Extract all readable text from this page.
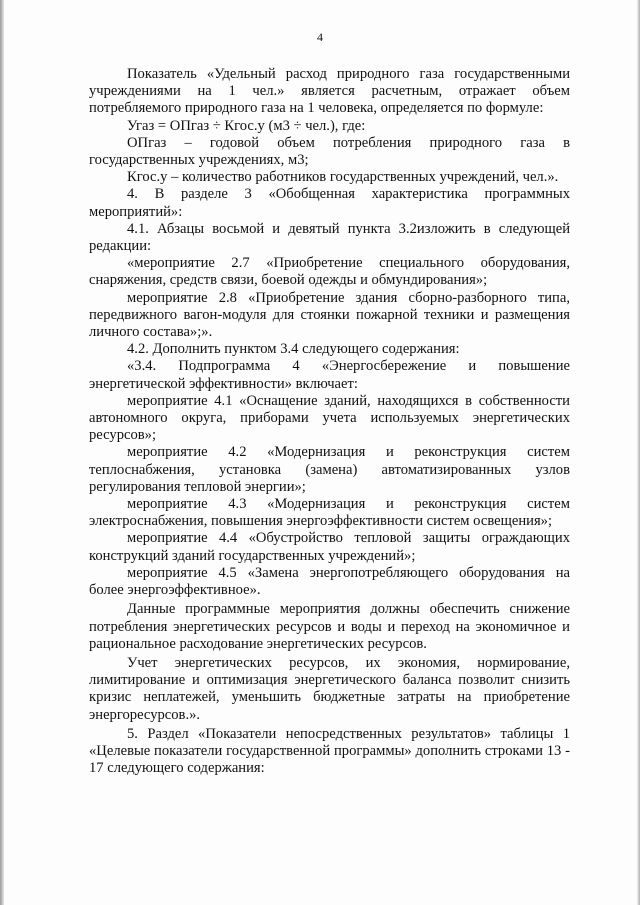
4

Показатель «Удельный расход природного газа государственными учреждениями на 1 чел.» является расчетным, отражает объем потребляемого природного газа на 1 человека, определяется по формуле:

Угаз = ОПгаз ÷ Кгос.у (м3 ÷ чел.), где:

ОПгаз – годовой объем потребления природного газа в государственных учреждениях, м3;

Кгос.у – количество работников государственных учреждений, чел.».

4. В разделе 3 «Обобщенная характеристика программных мероприятий»:

4.1. Абзацы восьмой и девятый пункта 3.2изложить в следующей редакции:

«мероприятие 2.7 «Приобретение специального оборудования, снаряжения, средств связи, боевой одежды и обмундирования»;

мероприятие 2.8 «Приобретение здания сборно-разборного типа, передвижного вагон-модуля для стоянки пожарной техники и размещения личного состава»;».

4.2. Дополнить пунктом 3.4 следующего содержания:

«3.4. Подпрограмма 4 «Энергосбережение и повышение энергетической эффективности» включает:

мероприятие 4.1 «Оснащение зданий, находящихся в собственности автономного округа, приборами учета используемых энергетических ресурсов»;

мероприятие 4.2 «Модернизация и реконструкция систем теплоснабжения, установка (замена) автоматизированных узлов регулирования тепловой энергии»;

мероприятие 4.3 «Модернизация и реконструкция систем электроснабжения, повышения энергоэффективности систем освещения»;

мероприятие 4.4 «Обустройство тепловой защиты ограждающих конструкций зданий государственных учреждений»;

мероприятие 4.5 «Замена энергопотребляющего оборудования на более энергоэффективное».

Данные программные мероприятия должны обеспечить снижение потребления энергетических ресурсов и воды и переход на экономичное и рациональное расходование энергетических ресурсов.

Учет энергетических ресурсов, их экономия, нормирование, лимитирование и оптимизация энергетического баланса позволит снизить кризис неплатежей, уменьшить бюджетные затраты на приобретение энергоресурсов.».

5. Раздел «Показатели непосредственных результатов» таблицы 1 «Целевые показатели государственной программы» дополнить строками 13 - 17 следующего содержания:
